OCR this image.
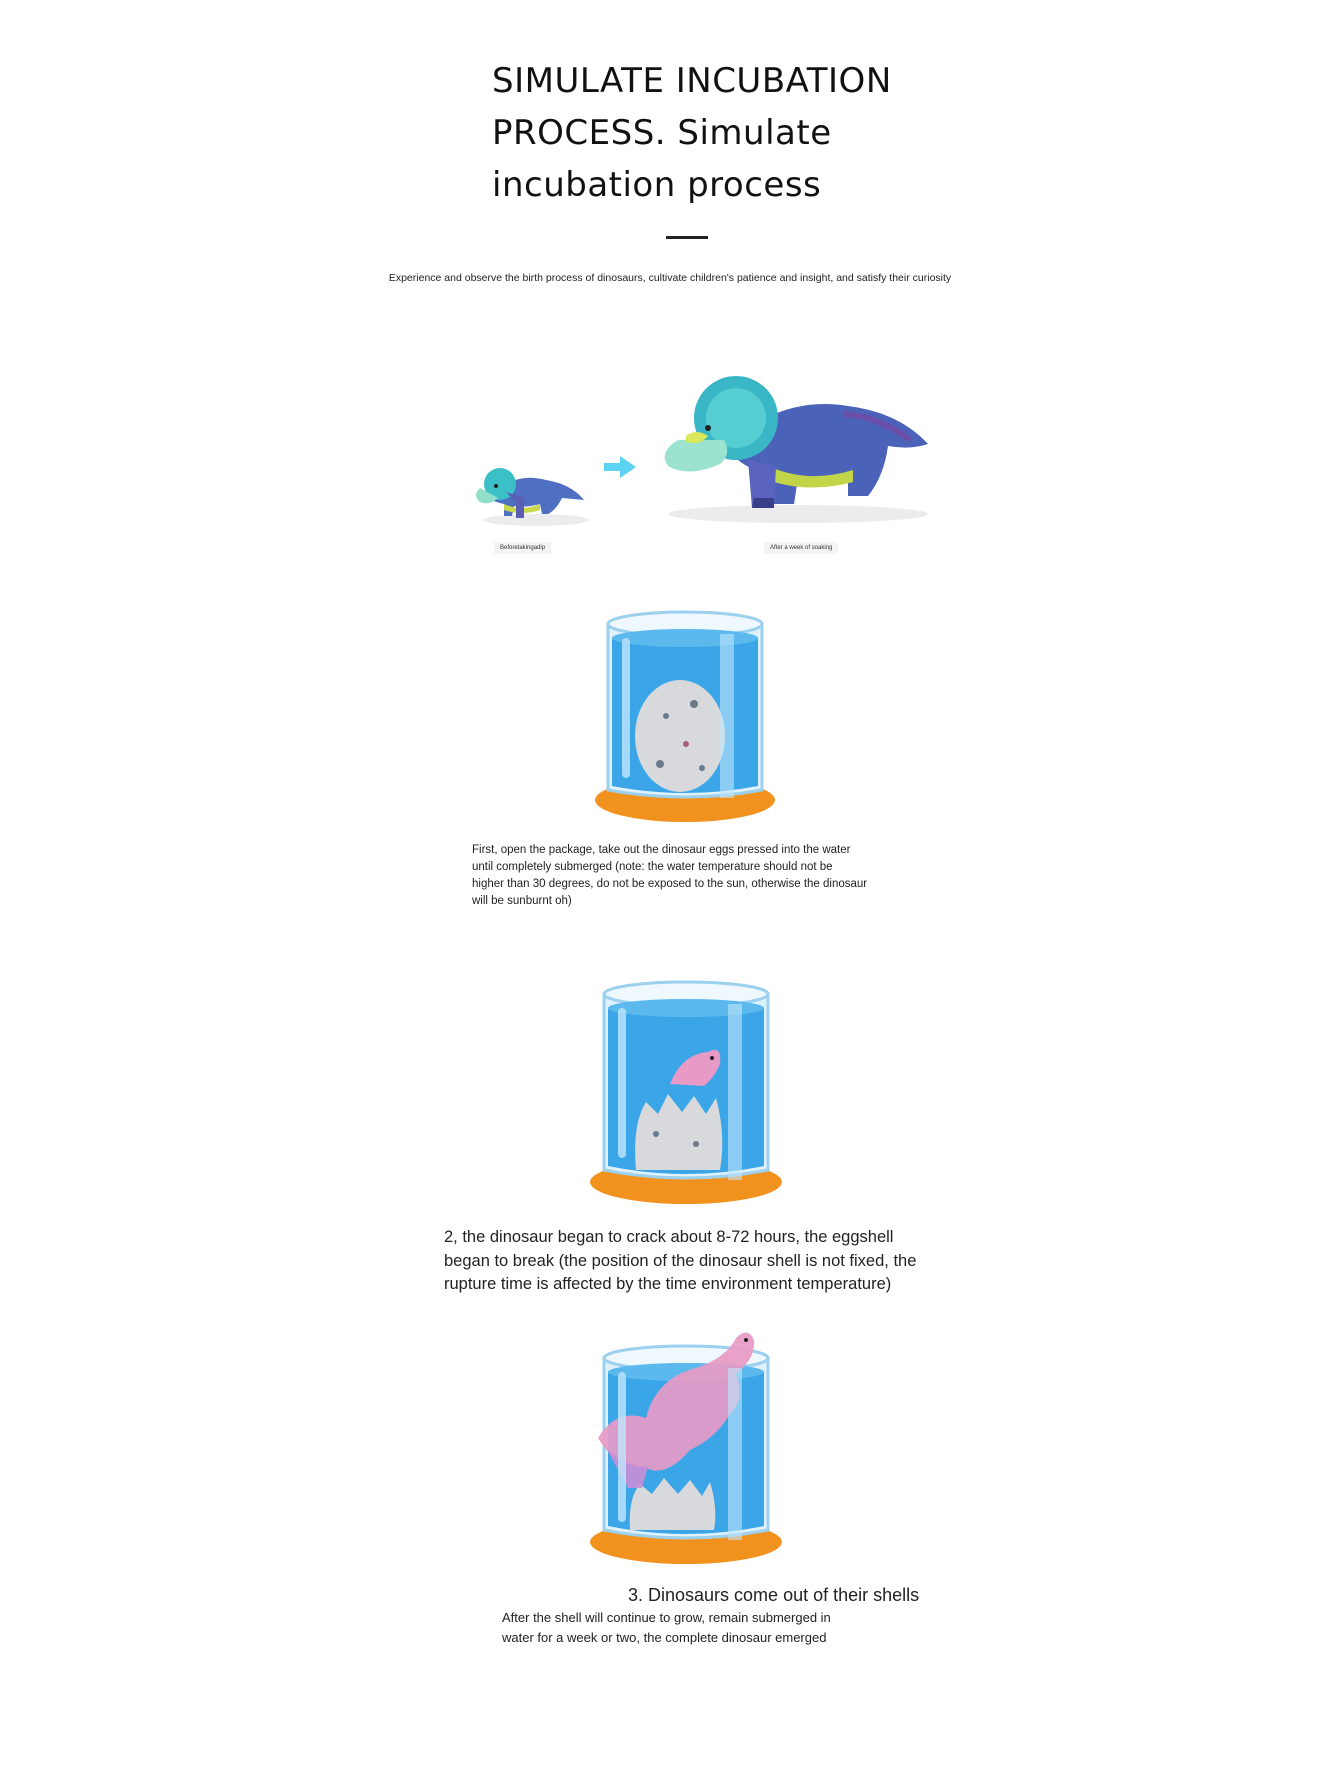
SIMULATE INCUBATION
PROCESS. Simulate
incubation process
Experience and observe the birth process of dinosaurs, cultivate children's patience and insight, and satisfy their curiosity
Beforetakingadip	After a week of soaking
First, open the package, take out the dinosaur eggs pressed into the water
until completely submerged (note: the water temperature should not be
higher than 30 degrees, do not be exposed to the sun, otherwise the dinosaur
will be sunburnt oh)
2, the dinosaur began to crack about 8-72 hours, the eggshell
began to break (the position of the dinosaur shell is not fixed, the
rupture time is affected by the time environment temperature)
3. Dinosaurs come out of their shells
After the shell will continue to grow, remain submerged in
water for a week or two, the complete dinosaur emerged
